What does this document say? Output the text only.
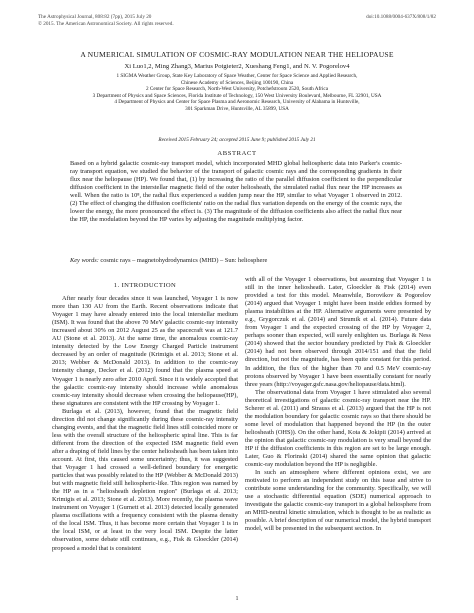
The Astrophysical Journal, 808:82 (7pp), 2015 July 20
© 2015. The American Astronomical Society. All rights reserved.
doi:10.1088/0004-637X/808/1/82
A NUMERICAL SIMULATION OF COSMIC-RAY MODULATION NEAR THE HELIOPAUSE
Xi Luo1,2, Ming Zhang3, Marius Potgieter2, Xueshang Feng1, and N. V. Pogorelov4
1 SIGMA Weather Group, State Key Laboratory of Space Weather, Center for Space Science and Applied Research,
Chinese Academy of Sciences, Beijing 100190, China
2 Center for Space Research, North-West University, Potchefstroom 2520, South Africa
3 Department of Physics and Space Sciences, Florida Institute of Technology, 150 West University Boulevard, Melbourne, FL 32901, USA
4 Department of Physics and Center for Space Plasma and Aeronomic Research, University of Alabama in Huntsville,
301 Sparkman Drive, Huntsville, AL 35899, USA
Received 2015 February 24; accepted 2015 June 9; published 2015 July 21
ABSTRACT
Based on a hybrid galactic cosmic-ray transport model, which incorporated MHD global heliospheric data into Parker's cosmic-ray transport equation, we studied the behavior of the transport of galactic cosmic rays and the corresponding gradients in their flux near the heliopause (HP). We found that, (1) by increasing the ratio of the parallel diffusion coefficient to the perpendicular diffusion coefficient in the interstellar magnetic field of the outer heliosheath, the simulated radial flux near the HP increases as well. When the ratio is 10⁸, the radial flux experienced a sudden jump near the HP, similar to what Voyager 1 observed in 2012. (2) The effect of changing the diffusion coefficients' ratio on the radial flux variation depends on the energy of the cosmic rays, the lower the energy, the more pronounced the effect is. (3) The magnitude of the diffusion coefficients also affect the radial flux near the HP, the modulation beyond the HP varies by adjusting the magnitude multiplying factor.
Key words: cosmic rays – magnetohydrodynamics (MHD) – Sun: heliosphere
1. INTRODUCTION

After nearly four decades since it was launched, Voyager 1 is now more than 130 AU from the Earth. Recent observations indicate that Voyager 1 may have already entered into the local interstellar medium (ISM). It was found that the above 70 MeV galactic cosmic-ray intensity increased about 30% on 2012 August 25 as the spacecraft was at 121.7 AU (Stone et al. 2013). At the same time, the anomalous cosmic-ray intensity detected by the Low Energy Charged Particle instrument decreased by an order of magnitude (Krimigis et al. 2013; Stone et al. 2013; Webber & McDonald 2013). In addition to the cosmic-ray intensity change, Decker et al. (2012) found that the plasma speed at Voyager 1 is nearly zero after 2010 April. Since it is widely accepted that the galactic cosmic-ray intensity should increase while anomalous cosmic-ray intensity should decrease when crossing the heliopause(HP), these signatures are consistent with the HP crossing by Voyager 1.

Burlaga et al. (2013), however, found that the magnetic field direction did not change significantly during these cosmic-ray intensity changing events, and that the magnetic field lines still coincided more or less with the overall structure of the heliospheric spiral line. This is far different from the direction of the expected ISM magnetic field even after a draping of field lines by the center heliosheath has been taken into account. At first, this caused some uncertainty; thus, it was suggested that Voyager 1 had crossed a well-defined boundary for energetic particles that was possibly related to the HP (Webber & McDonald 2013) but with magnetic field still heliospheric-like. This region was named by the HP as in a "heliosheath depletion region" (Burlaga et al. 2013; Krimigis et al. 2013; Stone et al. 2013). More recently, the plasma wave instrument on Voyager 1 (Gurnett et al. 2013) detected locally generated plasma oscillations with a frequency consistent with the plasma density of the local ISM. Thus, it has become more certain that Voyager 1 is in the local ISM, or at least in the very local ISM. Despite the latter observation, some debate still continues, e.g., Fisk & Gloeckler (2014) proposed a model that is consistent

with all of the Voyager 1 observations, but assuming that Voyager 1 is still in the inner heliosheath. Later, Gloeckler & Fisk (2014) even provided a test for this model. Meanwhile, Borovikov & Pogorelov (2014) argued that Voyager 1 might have been inside eddies formed by plasma instabilities at the HP. Alternative arguments were presented by e.g., Grygorczuk et al. (2014) and Strumik et al. (2014). Future data from Voyager 1 and the expected crossing of the HP by Voyager 2, perhaps sooner than expected, will surely enlighten us. Burlaga & Ness (2014) showed that the sector boundary predicted by Fisk & Gloeckler (2014) had not been observed through 2014/151 and that the field direction, but not the magnitude, has been quite constant for this period. In addition, the flux of the higher than 70 and 0.5 MeV cosmic-ray protons observed by Voyager 1 have been essentially constant for nearly three years (http://voyager.gsfc.nasa.gov/heliopause/data.html).

The observational data from Voyager 1 have stimulated also several theoretical investigations of galactic cosmic-ray transport near the HP. Scherer et al. (2011) and Strauss et al. (2013) argued that the HP is not the modulation boundary for galactic cosmic rays so that there should be some level of modulation that happened beyond the HP (in the outer heliosheath (OHS)). On the other hand, Kota & Jokipii (2014) arrived at the opinion that galactic cosmic-ray modulation is very small beyond the HP if the diffusion coefficients in this region are set to be large enough. Later, Guo & Florinski (2014) shared the same opinion that galactic cosmic-ray modulation beyond the HP is negligible.

In such an atmosphere where different opinions exist, we are motivated to perform an independent study on this issue and strive to contribute some understanding for the community. Specifically, we will use a stochastic differential equation (SDE) numerical approach to investigate the galactic cosmic-ray transport in a global heliosphere from an MHD-neutral kinetic simulation, which is thought to be as realistic as possible. A brief description of our numerical model, the hybrid transport model, will be presented in the subsequent section. In

1
